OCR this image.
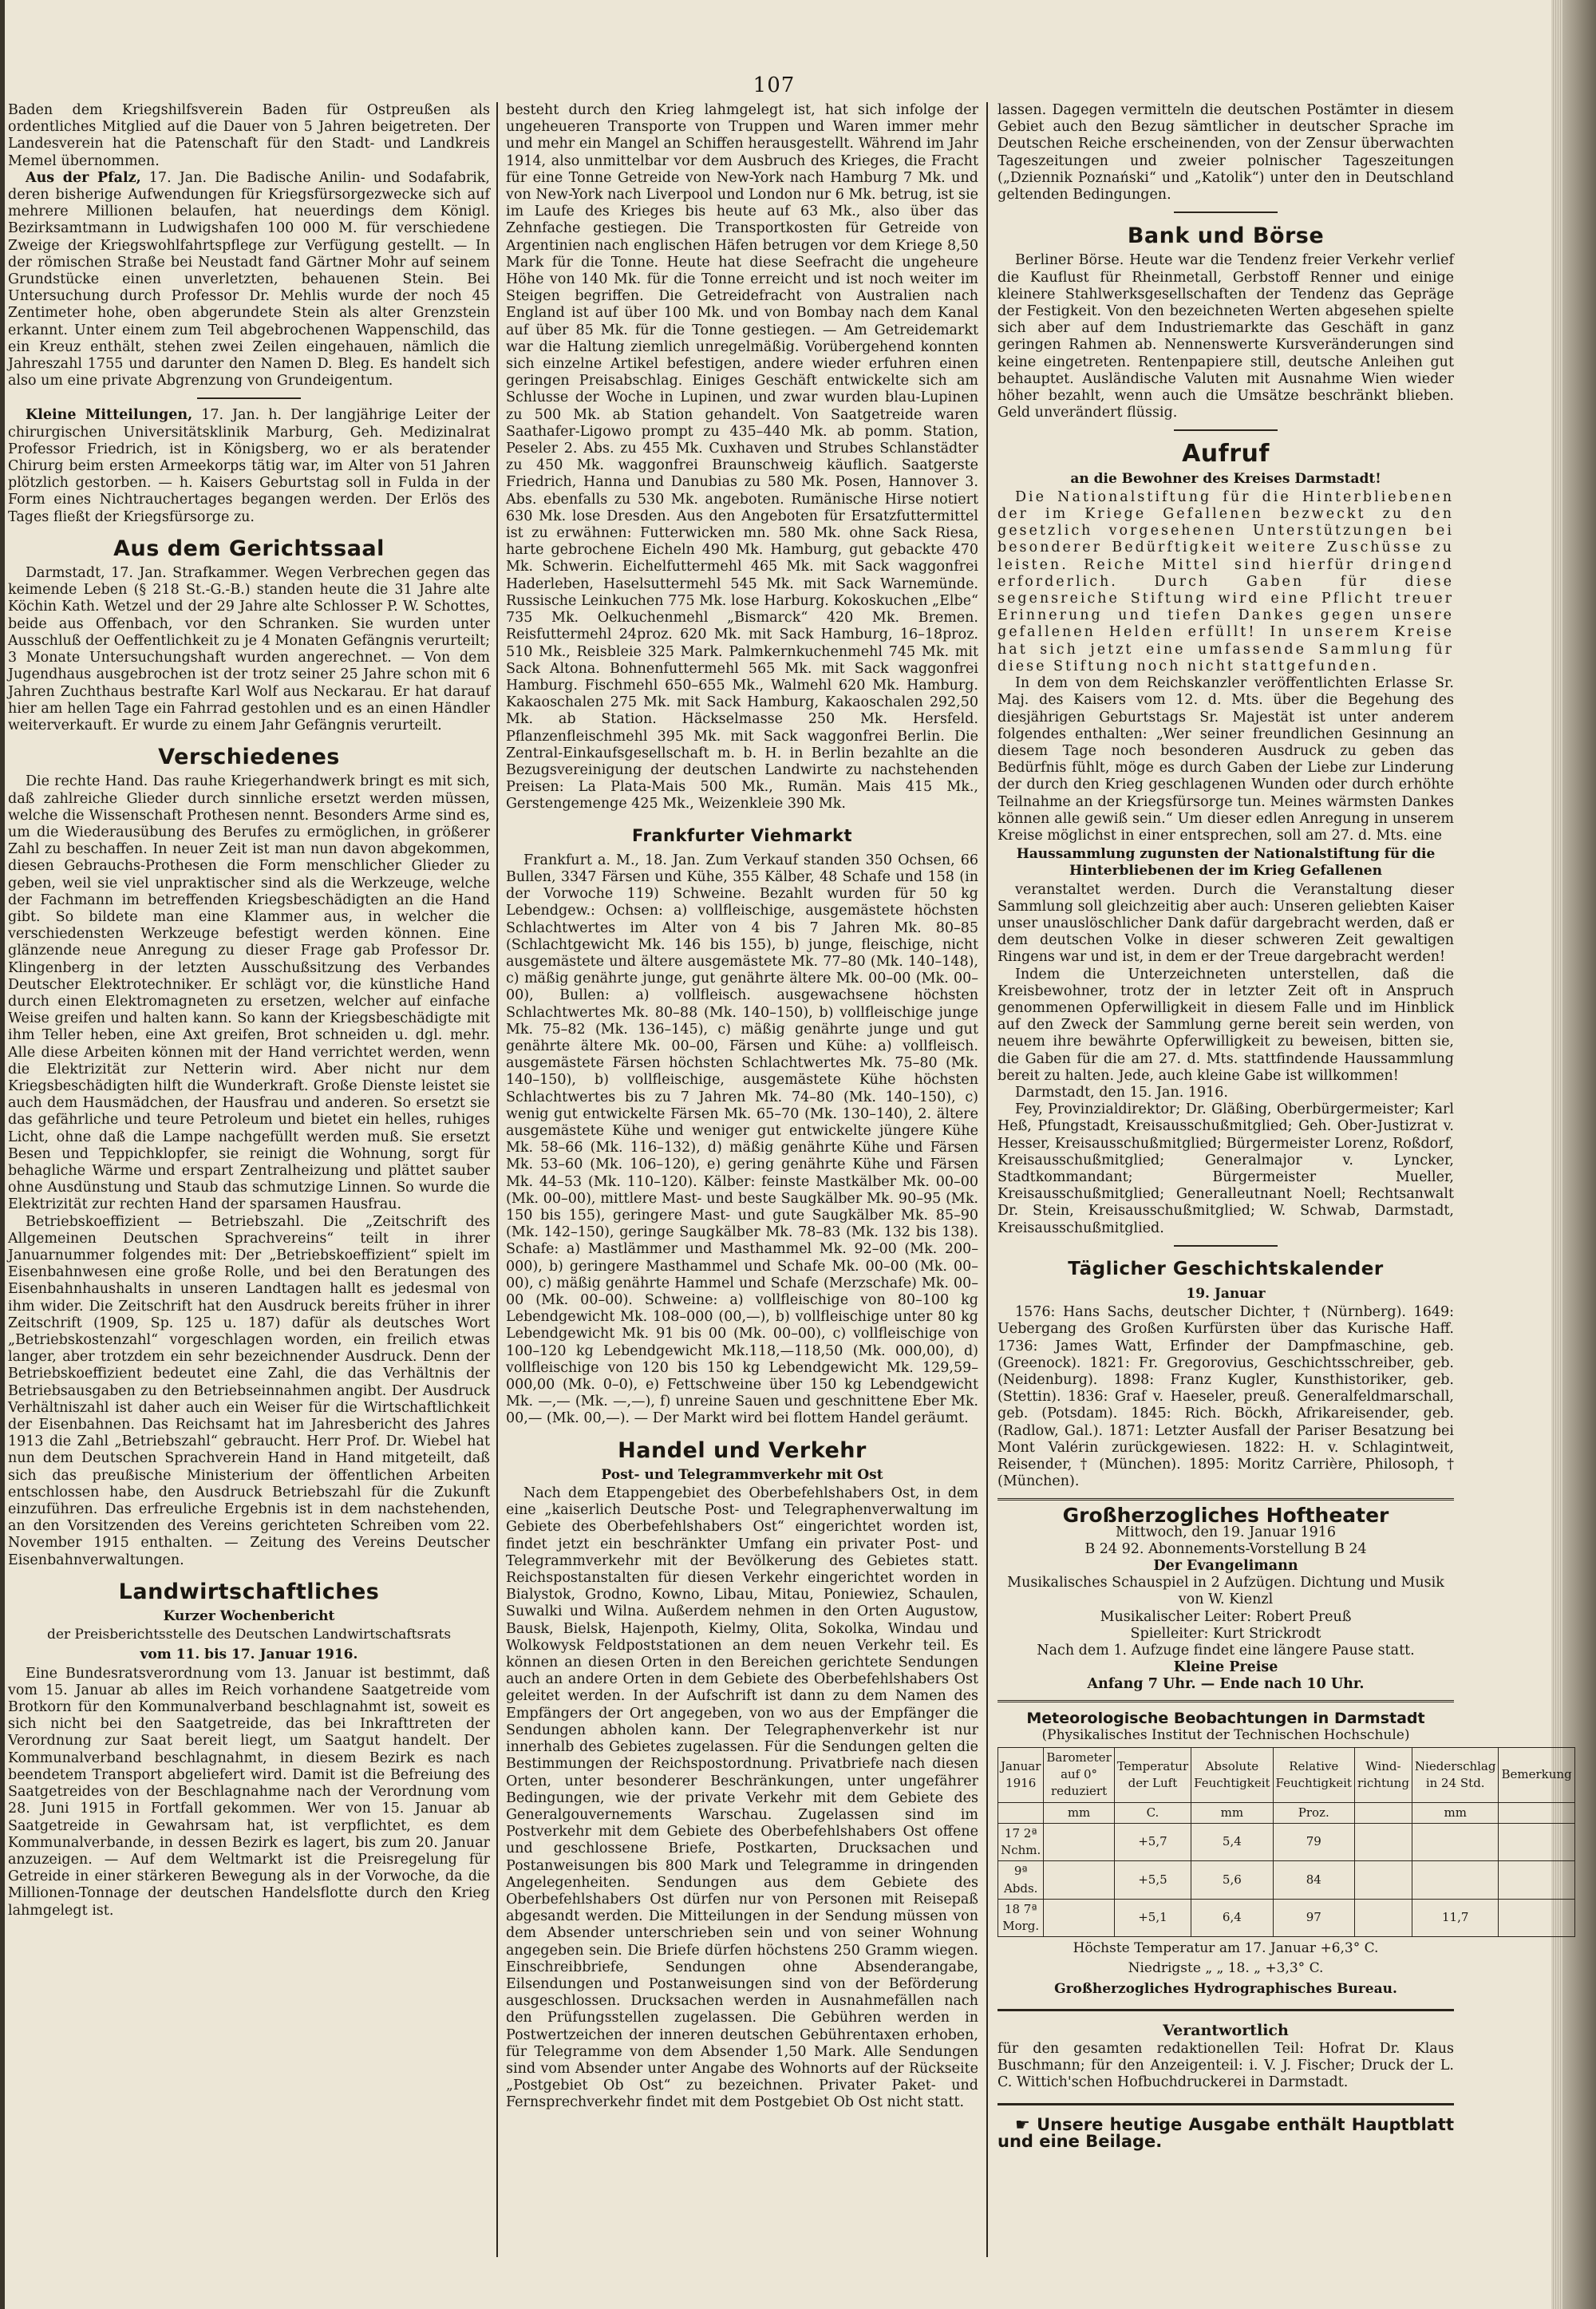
107

Baden dem Kriegshilfsverein Baden für Ostpreußen als ordentliches Mitglied auf die Dauer von 5 Jahren beigetreten. Der Landesverein hat die Patenschaft für den Stadt- und Landkreis Memel übernommen.

Aus der Pfalz, 17. Jan. Die Badische Anilin- und Sodafabrik, deren bisherige Aufwendungen für Kriegsfürsorgezwecke sich auf mehrere Millionen belaufen, hat neuerdings dem Königl. Bezirksamtmann in Ludwigshafen 100 000 M. für verschiedene Zweige der Kriegswohlfahrtspflege zur Verfügung gestellt. — In der römischen Straße bei Neustadt fand Gärtner Mohr auf seinem Grundstücke einen unverletzten, behauenen Stein. Bei Untersuchung durch Professor Dr. Mehlis wurde der noch 45 Zentimeter hohe, oben abgerundete Stein als alter Grenzstein erkannt. Unter einem zum Teil abgebrochenen Wappenschild, das ein Kreuz enthält, stehen zwei Zeilen eingehauen, nämlich die Jahreszahl 1755 und darunter den Namen D. Bleg. Es handelt sich also um eine private Abgrenzung von Grundeigentum.

Kleine Mitteilungen, 17. Jan. h. Der langjährige Leiter der chirurgischen Universitätsklinik Marburg, Geh. Medizinalrat Professor Friedrich, ist in Königsberg, wo er als beratender Chirurg beim ersten Armeekorps tätig war, im Alter von 51 Jahren plötzlich gestorben. — h. Kaisers Geburtstag soll in Fulda in der Form eines Nichtrauchertages begangen werden. Der Erlös des Tages fließt der Kriegsfürsorge zu.

Aus dem Gerichtssaal

Darmstadt, 17. Jan. Strafkammer. Wegen Verbrechen gegen das keimende Leben (§ 218 St.-G.-B.) standen heute die 31 Jahre alte Köchin Kath. Wetzel und der 29 Jahre alte Schlosser P. W. Schottes, beide aus Offenbach, vor den Schranken. Sie wurden unter Ausschluß der Oeffentlichkeit zu je 4 Monaten Gefängnis verurteilt; 3 Monate Untersuchungshaft wurden angerechnet. — Von dem Jugendhaus ausgebrochen ist der trotz seiner 25 Jahre schon mit 6 Jahren Zuchthaus bestrafte Karl Wolf aus Neckarau. Er hat darauf hier am hellen Tage ein Fahrrad gestohlen und es an einen Händler weiterverkauft. Er wurde zu einem Jahr Gefängnis verurteilt.

Verschiedenes

Die rechte Hand. Das rauhe Kriegerhandwerk bringt es mit sich, daß zahlreiche Glieder durch sinnliche ersetzt werden müssen, welche die Wissenschaft Prothesen nennt. Besonders Arme sind es, um die Wiederausübung des Berufes zu ermöglichen, in größerer Zahl zu beschaffen. In neuer Zeit ist man nun davon abgekommen, diesen Gebrauchs-Prothesen die Form menschlicher Glieder zu geben, weil sie viel unpraktischer sind als die Werkzeuge, welche der Fachmann im betreffenden Kriegsbeschädigten an die Hand gibt. So bildete man eine Klammer aus, in welcher die verschiedensten Werkzeuge befestigt werden können. Eine glänzende neue Anregung zu dieser Frage gab Professor Dr. Klingenberg in der letzten Ausschußsitzung des Verbandes Deutscher Elektrotechniker. Er schlägt vor, die künstliche Hand durch einen Elektromagneten zu ersetzen, welcher auf einfache Weise greifen und halten kann. So kann der Kriegsbeschädigte mit ihm Teller heben, eine Axt greifen, Brot schneiden u. dgl. mehr. Alle diese Arbeiten können mit der Hand verrichtet werden, wenn die Elektrizität zur Netterin wird. Aber nicht nur dem Kriegsbeschädigten hilft die Wunderkraft. Große Dienste leistet sie auch dem Hausmädchen, der Hausfrau und anderen. So ersetzt sie das gefährliche und teure Petroleum und bietet ein helles, ruhiges Licht, ohne daß die Lampe nachgefüllt werden muß. Sie ersetzt Besen und Teppichklopfer, sie reinigt die Wohnung, sorgt für behagliche Wärme und erspart Zentralheizung und plättet sauber ohne Ausdünstung und Staub das schmutzige Linnen. So wurde die Elektrizität zur rechten Hand der sparsamen Hausfrau.

Betriebskoeffizient — Betriebszahl. Die „Zeitschrift des Allgemeinen Deutschen Sprachvereins“ teilt in ihrer Januarnummer folgendes mit: Der „Betriebskoeffizient“ spielt im Eisenbahnwesen eine große Rolle, und bei den Beratungen des Eisenbahnhaushalts in unseren Landtagen hallt es jedesmal von ihm wider. Die Zeitschrift hat den Ausdruck bereits früher in ihrer Zeitschrift (1909, Sp. 125 u. 187) dafür als deutsches Wort „Betriebskostenzahl“ vorgeschlagen worden, ein freilich etwas langer, aber trotzdem ein sehr bezeichnender Ausdruck. Denn der Betriebskoeffizient bedeutet eine Zahl, die das Verhältnis der Betriebsausgaben zu den Betriebseinnahmen angibt. Der Ausdruck Verhältniszahl ist daher auch ein Weiser für die Wirtschaftlichkeit der Eisenbahnen. Das Reichsamt hat im Jahresbericht des Jahres 1913 die Zahl „Betriebszahl“ gebraucht. Herr Prof. Dr. Wiebel hat nun dem Deutschen Sprachverein Hand in Hand mitgeteilt, daß sich das preußische Ministerium der öffentlichen Arbeiten entschlossen habe, den Ausdruck Betriebszahl für die Zukunft einzuführen. Das erfreuliche Ergebnis ist in dem nachstehenden, an den Vorsitzenden des Vereins gerichteten Schreiben vom 22. November 1915 enthalten. — Zeitung des Vereins Deutscher Eisenbahnverwaltungen.

Landwirtschaftliches
Kurzer Wochenbericht
der Preisberichtsstelle des Deutschen Landwirtschaftsrats
vom 11. bis 17. Januar 1916.

Eine Bundesratsverordnung vom 13. Januar ist bestimmt, daß vom 15. Januar ab alles im Reich vorhandene Saatgetreide vom Brotkorn für den Kommunalverband beschlagnahmt ist, soweit es sich nicht bei den Saatgetreide, das bei Inkrafttreten der Verordnung zur Saat bereit liegt, um Saatgut handelt. Der Kommunalverband beschlagnahmt, in diesem Bezirk es nach beendetem Transport abgeliefert wird. Damit ist die Befreiung des Saatgetreides von der Beschlagnahme nach der Verordnung vom 28. Juni 1915 in Fortfall gekommen. Wer von 15. Januar ab Saatgetreide in Gewahrsam hat, ist verpflichtet, es dem Kommunalverbande, in dessen Bezirk es lagert, bis zum 20. Januar anzuzeigen. — Auf dem Weltmarkt ist die Preisregelung für Getreide in einer stärkeren Bewegung als in der Vorwoche, da die Millionen-Tonnage der deutschen Handelsflotte durch den Krieg lahmgelegt ist.

besteht durch den Krieg lahmgelegt ist, hat sich infolge der ungeheueren Transporte von Truppen und Waren immer mehr und mehr ein Mangel an Schiffen herausgestellt. Während im Jahr 1914, also unmittelbar vor dem Ausbruch des Krieges, die Fracht für eine Tonne Getreide von New-York nach Hamburg 7 Mk. und von New-York nach Liverpool und London nur 6 Mk. betrug, ist sie im Laufe des Krieges bis heute auf 63 Mk., also über das Zehnfache gestiegen. Die Transportkosten für Getreide von Argentinien nach englischen Häfen betrugen vor dem Kriege 8,50 Mark für die Tonne. Heute hat diese Seefracht die ungeheure Höhe von 140 Mk. für die Tonne erreicht und ist noch weiter im Steigen begriffen. Die Getreidefracht von Australien nach England ist auf über 100 Mk. und von Bombay nach dem Kanal auf über 85 Mk. für die Tonne gestiegen. — Am Getreidemarkt war die Haltung ziemlich unregelmäßig. Vorübergehend konnten sich einzelne Artikel befestigen, andere wieder erfuhren einen geringen Preisabschlag. Einiges Geschäft entwickelte sich am Schlusse der Woche in Lupinen, und zwar wurden blau-Lupinen zu 500 Mk. ab Station gehandelt. Von Saatgetreide waren Saathafer-Ligowo prompt zu 435–440 Mk. ab pomm. Station, Peseler 2. Abs. zu 455 Mk. Cuxhaven und Strubes Schlanstädter zu 450 Mk. waggonfrei Braunschweig käuflich. Saatgerste Friedrich, Hanna und Danubias zu 580 Mk. Posen, Hannover 3. Abs. ebenfalls zu 530 Mk. angeboten. Rumänische Hirse notiert 630 Mk. lose Dresden. Aus den Angeboten für Ersatzfuttermittel ist zu erwähnen: Futterwicken mn. 580 Mk. ohne Sack Riesa, harte gebrochene Eicheln 490 Mk. Hamburg, gut gebackte 470 Mk. Schwerin. Eichelfuttermehl 465 Mk. mit Sack waggonfrei Haderleben, Haselsuttermehl 545 Mk. mit Sack Warnemünde. Russische Leinkuchen 775 Mk. lose Harburg. Kokoskuchen „Elbe“ 735 Mk. Oelkuchenmehl „Bismarck“ 420 Mk. Bremen. Reisfuttermehl 24proz. 620 Mk. mit Sack Hamburg, 16–18proz. 510 Mk., Reisbleie 325 Mark. Palmkernkuchenmehl 745 Mk. mit Sack Altona. Bohnenfuttermehl 565 Mk. mit Sack waggonfrei Hamburg. Fischmehl 650–655 Mk., Walmehl 620 Mk. Hamburg. Kakaoschalen 275 Mk. mit Sack Hamburg, Kakaoschalen 292,50 Mk. ab Station. Häckselmasse 250 Mk. Hersfeld. Pflanzenfleischmehl 395 Mk. mit Sack waggonfrei Berlin. Die Zentral-Einkaufsgesellschaft m. b. H. in Berlin bezahlte an die Bezugsvereinigung der deutschen Landwirte zu nachstehenden Preisen: La Plata-Mais 500 Mk., Rumän. Mais 415 Mk., Gerstengemenge 425 Mk., Weizenkleie 390 Mk.

Frankfurter Viehmarkt

Frankfurt a. M., 18. Jan. Zum Verkauf standen 350 Ochsen, 66 Bullen, 3347 Färsen und Kühe, 355 Kälber, 48 Schafe und 158 (in der Vorwoche 119) Schweine. Bezahlt wurden für 50 kg Lebendgew.: Ochsen: a) vollfleischige, ausgemästete höchsten Schlachtwertes im Alter von 4 bis 7 Jahren Mk. 80–85 (Schlachtgewicht Mk. 146 bis 155), b) junge, fleischige, nicht ausgemästete und ältere ausgemästete Mk. 77–80 (Mk. 140–148), c) mäßig genährte junge, gut genährte ältere Mk. 00–00 (Mk. 00–00), Bullen: a) vollfleisch. ausgewachsene höchsten Schlachtwertes Mk. 80–88 (Mk. 140–150), b) vollfleischige junge Mk. 75–82 (Mk. 136–145), c) mäßig genährte junge und gut genährte ältere Mk. 00–00, Färsen und Kühe: a) vollfleisch. ausgemästete Färsen höchsten Schlachtwertes Mk. 75–80 (Mk. 140–150), b) vollfleischige, ausgemästete Kühe höchsten Schlachtwertes bis zu 7 Jahren Mk. 74–80 (Mk. 140–150), c) wenig gut entwickelte Färsen Mk. 65–70 (Mk. 130–140), 2. ältere ausgemästete Kühe und weniger gut entwickelte jüngere Kühe Mk. 58–66 (Mk. 116–132), d) mäßig genährte Kühe und Färsen Mk. 53–60 (Mk. 106–120), e) gering genährte Kühe und Färsen Mk. 44–53 (Mk. 110–120). Kälber: feinste Mastkälber Mk. 00–00 (Mk. 00–00), mittlere Mast- und beste Saugkälber Mk. 90–95 (Mk. 150 bis 155), geringere Mast- und gute Saugkälber Mk. 85–90 (Mk. 142–150), geringe Saugkälber Mk. 78–83 (Mk. 132 bis 138). Schafe: a) Mastlämmer und Masthammel Mk. 92–00 (Mk. 200–000), b) geringere Masthammel und Schafe Mk. 00–00 (Mk. 00–00), c) mäßig genährte Hammel und Schafe (Merzschafe) Mk. 00–00 (Mk. 00–00). Schweine: a) vollfleischige von 80–100 kg Lebendgewicht Mk. 108–000 (00,—), b) vollfleischige unter 80 kg Lebendgewicht Mk. 91 bis 00 (Mk. 00–00), c) vollfleischige von 100–120 kg Lebendgewicht Mk.118,—118,50 (Mk. 000,00), d) vollfleischige von 120 bis 150 kg Lebendgewicht Mk. 129,59–000,00 (Mk. 0–0), e) Fettschweine über 150 kg Lebendgewicht Mk. —,— (Mk. —,—), f) unreine Sauen und geschnittene Eber Mk. 00,— (Mk. 00,—). — Der Markt wird bei flottem Handel geräumt.

Handel und Verkehr
Post- und Telegrammverkehr mit Ost

Nach dem Etappengebiet des Oberbefehlshabers Ost, in dem eine „kaiserlich Deutsche Post- und Telegraphenverwaltung im Gebiete des Oberbefehlshabers Ost“ eingerichtet worden ist, findet jetzt ein beschränkter Umfang ein privater Post- und Telegrammverkehr mit der Bevölkerung des Gebietes statt. Reichspostanstalten für diesen Verkehr eingerichtet worden in Bialystok, Grodno, Kowno, Libau, Mitau, Poniewiez, Schaulen, Suwalki und Wilna. Außerdem nehmen in den Orten Augustow, Bausk, Bielsk, Hajenpoth, Kielmy, Olita, Sokolka, Windau und Wolkowysk Feldpoststationen an dem neuen Verkehr teil. Es können an diesen Orten in den Bereichen gerichtete Sendungen auch an andere Orten in dem Gebiete des Oberbefehlshabers Ost geleitet werden. In der Aufschrift ist dann zu dem Namen des Empfängers der Ort angegeben, von wo aus der Empfänger die Sendungen abholen kann. Der Telegraphenverkehr ist nur innerhalb des Gebietes zugelassen. Für die Sendungen gelten die Bestimmungen der Reichspostordnung. Privatbriefe nach diesen Orten, unter besonderer Beschränkungen, unter ungefährer Bedingungen, wie der private Verkehr mit dem Gebiete des Generalgouvernements Warschau. Zugelassen sind im Postverkehr mit dem Gebiete des Oberbefehlshabers Ost offene und geschlossene Briefe, Postkarten, Drucksachen und Postanweisungen bis 800 Mark und Telegramme in dringenden Angelegenheiten. Sendungen aus dem Gebiete des Oberbefehlshabers Ost dürfen nur von Personen mit Reisepaß abgesandt werden. Die Mitteilungen in der Sendung müssen von dem Absender unterschrieben sein und von seiner Wohnung angegeben sein. Die Briefe dürfen höchstens 250 Gramm wiegen. Einschreibbriefe, Sendungen ohne Absenderangabe, Eilsendungen und Postanweisungen sind von der Beförderung ausgeschlossen. Drucksachen werden in Ausnahmefällen nach den Prüfungsstellen zugelassen. Die Gebühren werden in Postwertzeichen der inneren deutschen Gebührentaxen erhoben, für Telegramme von dem Absender 1,50 Mark. Alle Sendungen sind vom Absender unter Angabe des Wohnorts auf der Rückseite „Postgebiet Ob Ost“ zu bezeichnen. Privater Paket- und Fernsprechverkehr findet mit dem Postgebiet Ob Ost nicht statt.

lassen. Dagegen vermitteln die deutschen Postämter in diesem Gebiet auch den Bezug sämtlicher in deutscher Sprache im Deutschen Reiche erscheinenden, von der Zensur überwachten Tageszeitungen und zweier polnischer Tageszeitungen („Dziennik Poznański“ und „Katolik“) unter den in Deutschland geltenden Bedingungen.

Bank und Börse

Berliner Börse. Heute war die Tendenz freier Verkehr verlief die Kauflust für Rheinmetall, Gerbstoff Renner und einige kleinere Stahlwerksgesellschaften der Tendenz das Gepräge der Festigkeit. Von den bezeichneten Werten abgesehen spielte sich aber auf dem Industriemarkte das Geschäft in ganz geringen Rahmen ab. Nennenswerte Kursveränderungen sind keine eingetreten. Rentenpapiere still, deutsche Anleihen gut behauptet. Ausländische Valuten mit Ausnahme Wien wieder höher bezahlt, wenn auch die Umsätze beschränkt blieben. Geld unverändert flüssig.

Aufruf
an die Bewohner des Kreises Darmstadt!

Die Nationalstiftung für die Hinterbliebenen der im Kriege Gefallenen bezweckt zu den gesetzlich vorgesehenen Unterstützungen bei besonderer Bedürftigkeit weitere Zuschüsse zu leisten. Reiche Mittel sind hierfür dringend erforderlich. Durch Gaben für diese segensreiche Stiftung wird eine Pflicht treuer Erinnerung und tiefen Dankes gegen unsere gefallenen Helden erfüllt! In unserem Kreise hat sich jetzt eine umfassende Sammlung für diese Stiftung noch nicht stattgefunden.

In dem von dem Reichskanzler veröffentlichten Erlasse Sr. Maj. des Kaisers vom 12. d. Mts. über die Begehung des diesjährigen Geburtstags Sr. Majestät ist unter anderem folgendes enthalten: „Wer seiner freundlichen Gesinnung an diesem Tage noch besonderen Ausdruck zu geben das Bedürfnis fühlt, möge es durch Gaben der Liebe zur Linderung der durch den Krieg geschlagenen Wunden oder durch erhöhte Teilnahme an der Kriegsfürsorge tun. Meines wärmsten Dankes können alle gewiß sein.“ Um dieser edlen Anregung in unserem Kreise möglichst in einer entsprechen, soll am 27. d. Mts. eine

Haussammlung zugunsten der Nationalstiftung für die Hinterbliebenen der im Krieg Gefallenen

veranstaltet werden. Durch die Veranstaltung dieser Sammlung soll gleichzeitig aber auch: Unseren geliebten Kaiser unser unauslöschlicher Dank dafür dargebracht werden, daß er dem deutschen Volke in dieser schweren Zeit gewaltigen Ringens war und ist, in dem er der Treue dargebracht werden!

Indem die Unterzeichneten unterstellen, daß die Kreisbewohner, trotz der in letzter Zeit oft in Anspruch genommenen Opferwilligkeit in diesem Falle und im Hinblick auf den Zweck der Sammlung gerne bereit sein werden, von neuem ihre bewährte Opferwilligkeit zu beweisen, bitten sie, die Gaben für die am 27. d. Mts. stattfindende Haussammlung bereit zu halten. Jede, auch kleine Gabe ist willkommen!

Darmstadt, den 15. Jan. 1916.

Fey, Provinzialdirektor; Dr. Gläßing, Oberbürgermeister; Karl Heß, Pfungstadt, Kreisausschußmitglied; Geh. Ober-Justizrat v. Hesser, Kreisausschußmitglied; Bürgermeister Lorenz, Roßdorf, Kreisausschußmitglied; Generalmajor v. Lyncker, Stadtkommandant; Bürgermeister Mueller, Kreisausschußmitglied; Generalleutnant Noell; Rechtsanwalt Dr. Stein, Kreisausschußmitglied; W. Schwab, Darmstadt, Kreisausschußmitglied.

Täglicher Geschichtskalender
19. Januar

1576: Hans Sachs, deutscher Dichter, † (Nürnberg). 1649: Uebergang des Großen Kurfürsten über das Kurische Haff. 1736: James Watt, Erfinder der Dampfmaschine, geb. (Greenock). 1821: Fr. Gregorovius, Geschichtsschreiber, geb. (Neidenburg). 1898: Franz Kugler, Kunsthistoriker, geb. (Stettin). 1836: Graf v. Haeseler, preuß. Generalfeldmarschall, geb. (Potsdam). 1845: Rich. Böckh, Afrikareisender, geb. (Radlow, Gal.). 1871: Letzter Ausfall der Pariser Besatzung bei Mont Valérin zurückgewiesen. 1822: H. v. Schlagintweit, Reisender, † (München). 1895: Moritz Carrière, Philosoph, † (München).

Großherzogliches Hoftheater
Mittwoch, den 19. Januar 1916
B 24 92. Abonnements-Vorstellung B 24
Der Evangelimann
Musikalisches Schauspiel in 2 Aufzügen. Dichtung und Musik von W. Kienzl
Musikalischer Leiter: Robert Preuß
Spielleiter: Kurt Strickrodt
Nach dem 1. Aufzuge findet eine längere Pause statt.
Kleine Preise
Anfang 7 Uhr. — Ende nach 10 Uhr.
Meteorologische Beobachtungen in Darmstadt
(Physikalisches Institut der Technischen Hochschule)
Januar 1916	Barometer auf 0° reduziert	Temperatur der Luft	Absolute Feuchtigkeit	Relative Feuchtigkeit	Wind-richtung	Niederschlag in 24 Std.	Bemerkung
	mm	C.	mm	Proz.		mm	
17 2ª Nchm.		+5,7	5,4	79			
9ª Abds.		+5,5	5,6	84			
18 7ª Morg.		+5,1	6,4	97		11,7	
Höchste Temperatur am 17. Januar +6,3° C.
Niedrigste „ „ 18. „ +3,3° C.
Großherzogliches Hydrographisches Bureau.
Verantwortlich

für den gesamten redaktionellen Teil: Hofrat Dr. Klaus Buschmann; für den Anzeigenteil: i. V. J. Fischer; Druck der L. C. Wittich'schen Hofbuchdruckerei in Darmstadt.

☛ Unsere heutige Ausgabe enthält Hauptblatt und eine Beilage.
